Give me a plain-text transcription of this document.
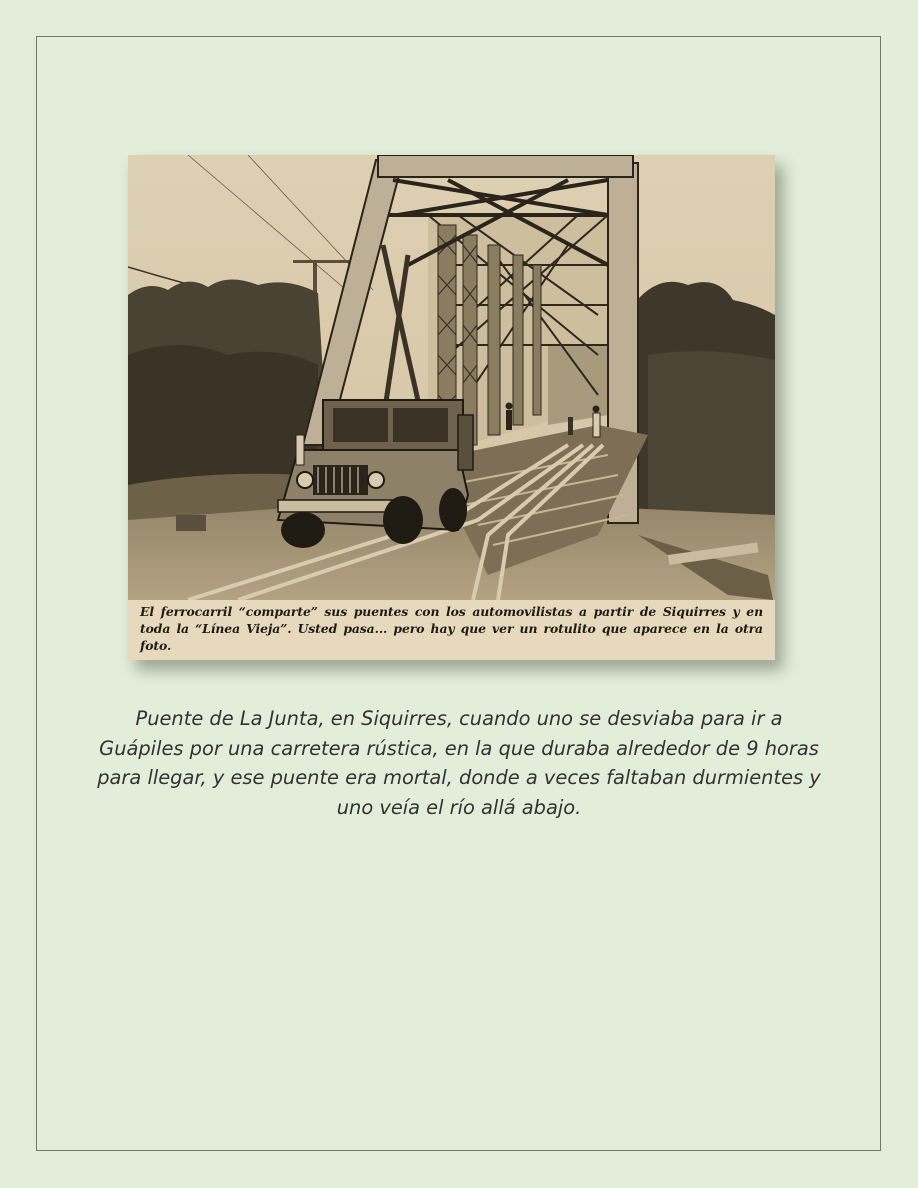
El ferrocarril “comparte” sus puentes con los automovilistas a partir de Siquirres y en toda la “Línea Vieja”. Usted pasa... pero hay que ver un rotulito que aparece en la otra foto.
Puente de La Junta, en Siquirres, cuando uno se desviaba para ir a Guápiles por una carretera rústica, en la que duraba alrededor de 9 horas para llegar, y ese puente era mortal, donde a veces faltaban durmientes y uno veía el río allá abajo.
